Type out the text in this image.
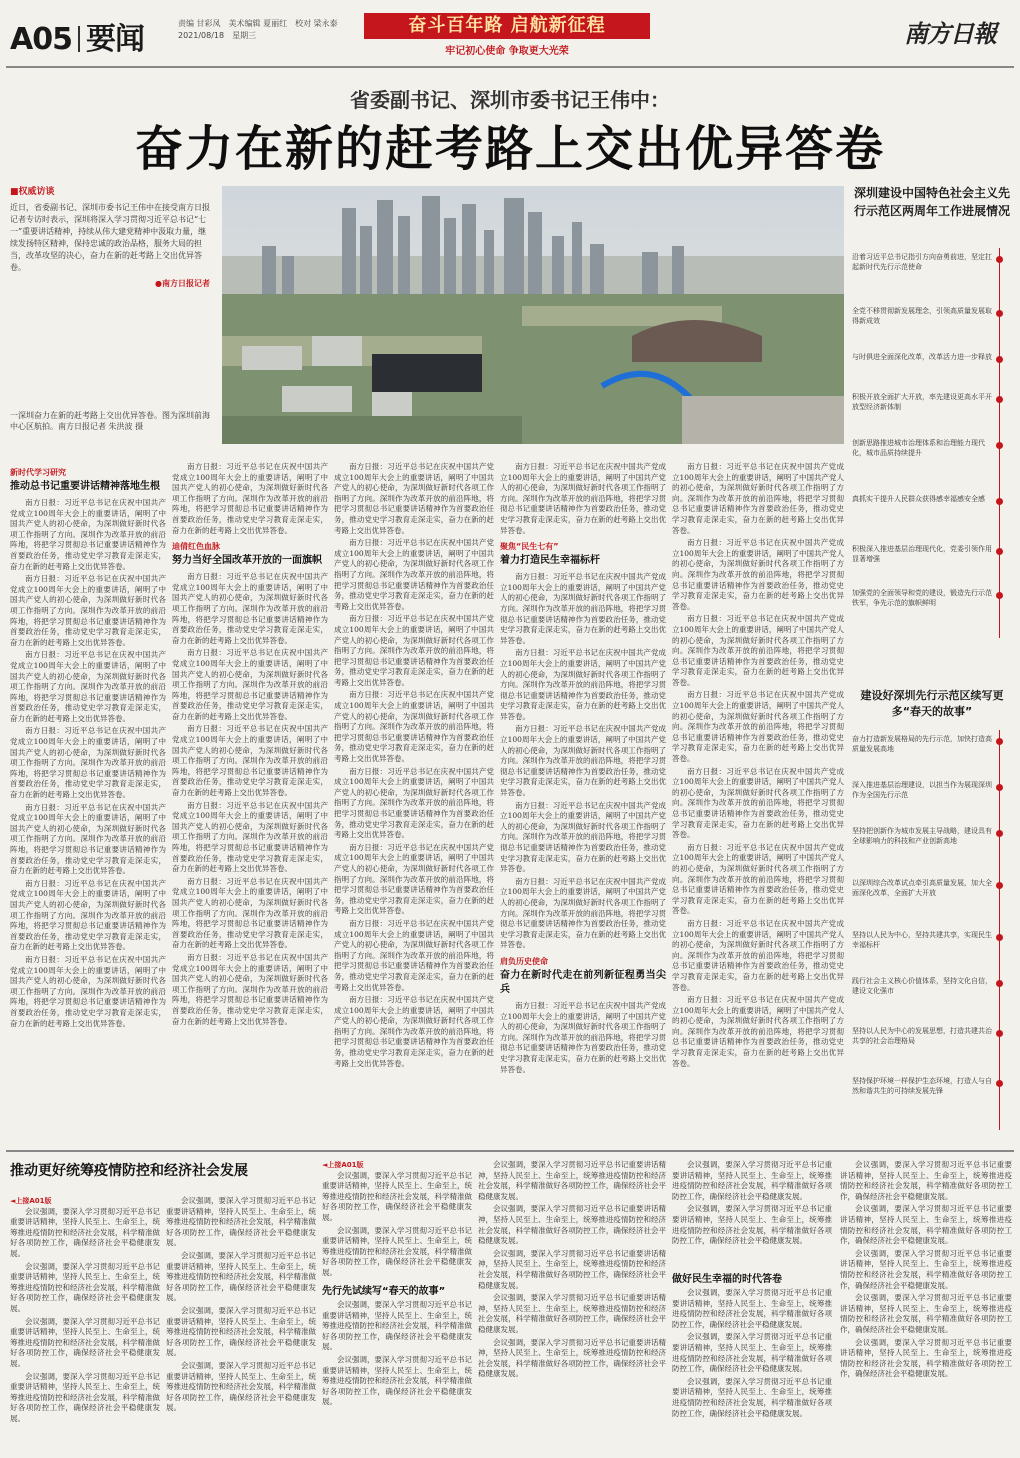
A05 要闻	责编 甘彩凤　美术编辑 夏丽红　校对 梁永泰
2021/08/18　星期三	奋斗百年路 启航新征程
牢记初心使命 争取更大光荣
南方日報
省委副书记、深圳市委书记王伟中：
奋力在新的赶考路上交出优异答卷
■权威访谈
近日，省委副书记、深圳市委书记王伟中在接受南方日报记者专访时表示，深圳将深入学习贯彻习近平总书记“七一”重要讲话精神，持续从伟大建党精神中汲取力量，继续发扬特区精神，保持忠诚的政治品格，服务大局的担当，改革攻坚的决心，奋力在新的赶考路上交出优异答卷。
●南方日报记者
一深圳奋力在新的赶考路上交出优异答卷。图为深圳前海中心区航拍。南方日报记者 朱洪波 摄
深圳建设中国特色社会主义先行示范区两周年工作进展情况
沿着习近平总书记指引方向奋勇前进，坚定扛起新时代先行示范使命
全党不移贯彻新发展理念，引领高质量发展取得新成效
与时俱进全面深化改革，改革活力进一步释放
积极开放全面扩大开放，率先建设更高水平开放型经济新体制
创新思路推进城市治理体系和治理能力现代化，城市品质持续提升
真抓实干提升人民群众获得感幸福感安全感
积极深入推进基层治理现代化，党委引领作用显著增强
加强党的全面领导和党的建设，锻造先行示范铁军，争先示范的旗帜鲜明
建设好深圳先行示范区续写更多“春天的故事”
奋力打造新发展格局的先行示范，加快打造高质量发展高地
深入推进基层治理建设，以担当作为展现深圳作为全国先行示范
坚持把创新作为城市发展主导战略，建设具有全球影响力的科技和产业创新高地
以深圳综合改革试点牵引高质量发展，加大全面深化改革，全面扩大开放
坚持以人民为中心，坚持共建共享，实现民生幸福标杆
践行社会主义核心价值体系，坚持文化自信，建设文化强市
坚持以人民为中心的发展思想，打造共建共治共享的社会治理格局
坚持保护环境一样保护生态环境，打造人与自然和谐共生的可持续发展先锋
新时代学习研究
推动总书记重要讲话精神落地生根

南方日报：习近平总书记在庆祝中国共产党成立100周年大会上的重要讲话，阐明了中国共产党人的初心使命，为深圳做好新时代各项工作指明了方向。深圳作为改革开放的前沿阵地，将把学习贯彻总书记重要讲话精神作为首要政治任务，推动党史学习教育走深走实，奋力在新的赶考路上交出优异答卷。

南方日报：习近平总书记在庆祝中国共产党成立100周年大会上的重要讲话，阐明了中国共产党人的初心使命，为深圳做好新时代各项工作指明了方向。深圳作为改革开放的前沿阵地，将把学习贯彻总书记重要讲话精神作为首要政治任务，推动党史学习教育走深走实，奋力在新的赶考路上交出优异答卷。

南方日报：习近平总书记在庆祝中国共产党成立100周年大会上的重要讲话，阐明了中国共产党人的初心使命，为深圳做好新时代各项工作指明了方向。深圳作为改革开放的前沿阵地，将把学习贯彻总书记重要讲话精神作为首要政治任务，推动党史学习教育走深走实，奋力在新的赶考路上交出优异答卷。

南方日报：习近平总书记在庆祝中国共产党成立100周年大会上的重要讲话，阐明了中国共产党人的初心使命，为深圳做好新时代各项工作指明了方向。深圳作为改革开放的前沿阵地，将把学习贯彻总书记重要讲话精神作为首要政治任务，推动党史学习教育走深走实，奋力在新的赶考路上交出优异答卷。

南方日报：习近平总书记在庆祝中国共产党成立100周年大会上的重要讲话，阐明了中国共产党人的初心使命，为深圳做好新时代各项工作指明了方向。深圳作为改革开放的前沿阵地，将把学习贯彻总书记重要讲话精神作为首要政治任务，推动党史学习教育走深走实，奋力在新的赶考路上交出优异答卷。

南方日报：习近平总书记在庆祝中国共产党成立100周年大会上的重要讲话，阐明了中国共产党人的初心使命，为深圳做好新时代各项工作指明了方向。深圳作为改革开放的前沿阵地，将把学习贯彻总书记重要讲话精神作为首要政治任务，推动党史学习教育走深走实，奋力在新的赶考路上交出优异答卷。

南方日报：习近平总书记在庆祝中国共产党成立100周年大会上的重要讲话，阐明了中国共产党人的初心使命，为深圳做好新时代各项工作指明了方向。深圳作为改革开放的前沿阵地，将把学习贯彻总书记重要讲话精神作为首要政治任务，推动党史学习教育走深走实，奋力在新的赶考路上交出优异答卷。

南方日报：习近平总书记在庆祝中国共产党成立100周年大会上的重要讲话，阐明了中国共产党人的初心使命，为深圳做好新时代各项工作指明了方向。深圳作为改革开放的前沿阵地，将把学习贯彻总书记重要讲话精神作为首要政治任务，推动党史学习教育走深走实，奋力在新的赶考路上交出优异答卷。

迪倩红色血脉
努力当好全国改革开放的一面旗帜

南方日报：习近平总书记在庆祝中国共产党成立100周年大会上的重要讲话，阐明了中国共产党人的初心使命，为深圳做好新时代各项工作指明了方向。深圳作为改革开放的前沿阵地，将把学习贯彻总书记重要讲话精神作为首要政治任务，推动党史学习教育走深走实，奋力在新的赶考路上交出优异答卷。

南方日报：习近平总书记在庆祝中国共产党成立100周年大会上的重要讲话，阐明了中国共产党人的初心使命，为深圳做好新时代各项工作指明了方向。深圳作为改革开放的前沿阵地，将把学习贯彻总书记重要讲话精神作为首要政治任务，推动党史学习教育走深走实，奋力在新的赶考路上交出优异答卷。

南方日报：习近平总书记在庆祝中国共产党成立100周年大会上的重要讲话，阐明了中国共产党人的初心使命，为深圳做好新时代各项工作指明了方向。深圳作为改革开放的前沿阵地，将把学习贯彻总书记重要讲话精神作为首要政治任务，推动党史学习教育走深走实，奋力在新的赶考路上交出优异答卷。

南方日报：习近平总书记在庆祝中国共产党成立100周年大会上的重要讲话，阐明了中国共产党人的初心使命，为深圳做好新时代各项工作指明了方向。深圳作为改革开放的前沿阵地，将把学习贯彻总书记重要讲话精神作为首要政治任务，推动党史学习教育走深走实，奋力在新的赶考路上交出优异答卷。

南方日报：习近平总书记在庆祝中国共产党成立100周年大会上的重要讲话，阐明了中国共产党人的初心使命，为深圳做好新时代各项工作指明了方向。深圳作为改革开放的前沿阵地，将把学习贯彻总书记重要讲话精神作为首要政治任务，推动党史学习教育走深走实，奋力在新的赶考路上交出优异答卷。

南方日报：习近平总书记在庆祝中国共产党成立100周年大会上的重要讲话，阐明了中国共产党人的初心使命，为深圳做好新时代各项工作指明了方向。深圳作为改革开放的前沿阵地，将把学习贯彻总书记重要讲话精神作为首要政治任务，推动党史学习教育走深走实，奋力在新的赶考路上交出优异答卷。

南方日报：习近平总书记在庆祝中国共产党成立100周年大会上的重要讲话，阐明了中国共产党人的初心使命，为深圳做好新时代各项工作指明了方向。深圳作为改革开放的前沿阵地，将把学习贯彻总书记重要讲话精神作为首要政治任务，推动党史学习教育走深走实，奋力在新的赶考路上交出优异答卷。

南方日报：习近平总书记在庆祝中国共产党成立100周年大会上的重要讲话，阐明了中国共产党人的初心使命，为深圳做好新时代各项工作指明了方向。深圳作为改革开放的前沿阵地，将把学习贯彻总书记重要讲话精神作为首要政治任务，推动党史学习教育走深走实，奋力在新的赶考路上交出优异答卷。

南方日报：习近平总书记在庆祝中国共产党成立100周年大会上的重要讲话，阐明了中国共产党人的初心使命，为深圳做好新时代各项工作指明了方向。深圳作为改革开放的前沿阵地，将把学习贯彻总书记重要讲话精神作为首要政治任务，推动党史学习教育走深走实，奋力在新的赶考路上交出优异答卷。

南方日报：习近平总书记在庆祝中国共产党成立100周年大会上的重要讲话，阐明了中国共产党人的初心使命，为深圳做好新时代各项工作指明了方向。深圳作为改革开放的前沿阵地，将把学习贯彻总书记重要讲话精神作为首要政治任务，推动党史学习教育走深走实，奋力在新的赶考路上交出优异答卷。

南方日报：习近平总书记在庆祝中国共产党成立100周年大会上的重要讲话，阐明了中国共产党人的初心使命，为深圳做好新时代各项工作指明了方向。深圳作为改革开放的前沿阵地，将把学习贯彻总书记重要讲话精神作为首要政治任务，推动党史学习教育走深走实，奋力在新的赶考路上交出优异答卷。

南方日报：习近平总书记在庆祝中国共产党成立100周年大会上的重要讲话，阐明了中国共产党人的初心使命，为深圳做好新时代各项工作指明了方向。深圳作为改革开放的前沿阵地，将把学习贯彻总书记重要讲话精神作为首要政治任务，推动党史学习教育走深走实，奋力在新的赶考路上交出优异答卷。

南方日报：习近平总书记在庆祝中国共产党成立100周年大会上的重要讲话，阐明了中国共产党人的初心使命，为深圳做好新时代各项工作指明了方向。深圳作为改革开放的前沿阵地，将把学习贯彻总书记重要讲话精神作为首要政治任务，推动党史学习教育走深走实，奋力在新的赶考路上交出优异答卷。

南方日报：习近平总书记在庆祝中国共产党成立100周年大会上的重要讲话，阐明了中国共产党人的初心使命，为深圳做好新时代各项工作指明了方向。深圳作为改革开放的前沿阵地，将把学习贯彻总书记重要讲话精神作为首要政治任务，推动党史学习教育走深走实，奋力在新的赶考路上交出优异答卷。

南方日报：习近平总书记在庆祝中国共产党成立100周年大会上的重要讲话，阐明了中国共产党人的初心使命，为深圳做好新时代各项工作指明了方向。深圳作为改革开放的前沿阵地，将把学习贯彻总书记重要讲话精神作为首要政治任务，推动党史学习教育走深走实，奋力在新的赶考路上交出优异答卷。

聚焦“民生七有”
着力打造民生幸福标杆

南方日报：习近平总书记在庆祝中国共产党成立100周年大会上的重要讲话，阐明了中国共产党人的初心使命，为深圳做好新时代各项工作指明了方向。深圳作为改革开放的前沿阵地，将把学习贯彻总书记重要讲话精神作为首要政治任务，推动党史学习教育走深走实，奋力在新的赶考路上交出优异答卷。

南方日报：习近平总书记在庆祝中国共产党成立100周年大会上的重要讲话，阐明了中国共产党人的初心使命，为深圳做好新时代各项工作指明了方向。深圳作为改革开放的前沿阵地，将把学习贯彻总书记重要讲话精神作为首要政治任务，推动党史学习教育走深走实，奋力在新的赶考路上交出优异答卷。

南方日报：习近平总书记在庆祝中国共产党成立100周年大会上的重要讲话，阐明了中国共产党人的初心使命，为深圳做好新时代各项工作指明了方向。深圳作为改革开放的前沿阵地，将把学习贯彻总书记重要讲话精神作为首要政治任务，推动党史学习教育走深走实，奋力在新的赶考路上交出优异答卷。

南方日报：习近平总书记在庆祝中国共产党成立100周年大会上的重要讲话，阐明了中国共产党人的初心使命，为深圳做好新时代各项工作指明了方向。深圳作为改革开放的前沿阵地，将把学习贯彻总书记重要讲话精神作为首要政治任务，推动党史学习教育走深走实，奋力在新的赶考路上交出优异答卷。

南方日报：习近平总书记在庆祝中国共产党成立100周年大会上的重要讲话，阐明了中国共产党人的初心使命，为深圳做好新时代各项工作指明了方向。深圳作为改革开放的前沿阵地，将把学习贯彻总书记重要讲话精神作为首要政治任务，推动党史学习教育走深走实，奋力在新的赶考路上交出优异答卷。

肩负历史使命
奋力在新时代走在前列新征程勇当尖兵

南方日报：习近平总书记在庆祝中国共产党成立100周年大会上的重要讲话，阐明了中国共产党人的初心使命，为深圳做好新时代各项工作指明了方向。深圳作为改革开放的前沿阵地，将把学习贯彻总书记重要讲话精神作为首要政治任务，推动党史学习教育走深走实，奋力在新的赶考路上交出优异答卷。

南方日报：习近平总书记在庆祝中国共产党成立100周年大会上的重要讲话，阐明了中国共产党人的初心使命，为深圳做好新时代各项工作指明了方向。深圳作为改革开放的前沿阵地，将把学习贯彻总书记重要讲话精神作为首要政治任务，推动党史学习教育走深走实，奋力在新的赶考路上交出优异答卷。

南方日报：习近平总书记在庆祝中国共产党成立100周年大会上的重要讲话，阐明了中国共产党人的初心使命，为深圳做好新时代各项工作指明了方向。深圳作为改革开放的前沿阵地，将把学习贯彻总书记重要讲话精神作为首要政治任务，推动党史学习教育走深走实，奋力在新的赶考路上交出优异答卷。

南方日报：习近平总书记在庆祝中国共产党成立100周年大会上的重要讲话，阐明了中国共产党人的初心使命，为深圳做好新时代各项工作指明了方向。深圳作为改革开放的前沿阵地，将把学习贯彻总书记重要讲话精神作为首要政治任务，推动党史学习教育走深走实，奋力在新的赶考路上交出优异答卷。

南方日报：习近平总书记在庆祝中国共产党成立100周年大会上的重要讲话，阐明了中国共产党人的初心使命，为深圳做好新时代各项工作指明了方向。深圳作为改革开放的前沿阵地，将把学习贯彻总书记重要讲话精神作为首要政治任务，推动党史学习教育走深走实，奋力在新的赶考路上交出优异答卷。

南方日报：习近平总书记在庆祝中国共产党成立100周年大会上的重要讲话，阐明了中国共产党人的初心使命，为深圳做好新时代各项工作指明了方向。深圳作为改革开放的前沿阵地，将把学习贯彻总书记重要讲话精神作为首要政治任务，推动党史学习教育走深走实，奋力在新的赶考路上交出优异答卷。

南方日报：习近平总书记在庆祝中国共产党成立100周年大会上的重要讲话，阐明了中国共产党人的初心使命，为深圳做好新时代各项工作指明了方向。深圳作为改革开放的前沿阵地，将把学习贯彻总书记重要讲话精神作为首要政治任务，推动党史学习教育走深走实，奋力在新的赶考路上交出优异答卷。

南方日报：习近平总书记在庆祝中国共产党成立100周年大会上的重要讲话，阐明了中国共产党人的初心使命，为深圳做好新时代各项工作指明了方向。深圳作为改革开放的前沿阵地，将把学习贯彻总书记重要讲话精神作为首要政治任务，推动党史学习教育走深走实，奋力在新的赶考路上交出优异答卷。

南方日报：习近平总书记在庆祝中国共产党成立100周年大会上的重要讲话，阐明了中国共产党人的初心使命，为深圳做好新时代各项工作指明了方向。深圳作为改革开放的前沿阵地，将把学习贯彻总书记重要讲话精神作为首要政治任务，推动党史学习教育走深走实，奋力在新的赶考路上交出优异答卷。

推动更好统筹疫情防控和经济社会发展
◄上接A01版

会议强调，要深入学习贯彻习近平总书记重要讲话精神，坚持人民至上、生命至上，统筹推进疫情防控和经济社会发展，科学精准做好各项防控工作，确保经济社会平稳健康发展。

会议强调，要深入学习贯彻习近平总书记重要讲话精神，坚持人民至上、生命至上，统筹推进疫情防控和经济社会发展，科学精准做好各项防控工作，确保经济社会平稳健康发展。

会议强调，要深入学习贯彻习近平总书记重要讲话精神，坚持人民至上、生命至上，统筹推进疫情防控和经济社会发展，科学精准做好各项防控工作，确保经济社会平稳健康发展。

会议强调，要深入学习贯彻习近平总书记重要讲话精神，坚持人民至上、生命至上，统筹推进疫情防控和经济社会发展，科学精准做好各项防控工作，确保经济社会平稳健康发展。

会议强调，要深入学习贯彻习近平总书记重要讲话精神，坚持人民至上、生命至上，统筹推进疫情防控和经济社会发展，科学精准做好各项防控工作，确保经济社会平稳健康发展。

会议强调，要深入学习贯彻习近平总书记重要讲话精神，坚持人民至上、生命至上，统筹推进疫情防控和经济社会发展，科学精准做好各项防控工作，确保经济社会平稳健康发展。

会议强调，要深入学习贯彻习近平总书记重要讲话精神，坚持人民至上、生命至上，统筹推进疫情防控和经济社会发展，科学精准做好各项防控工作，确保经济社会平稳健康发展。

会议强调，要深入学习贯彻习近平总书记重要讲话精神，坚持人民至上、生命至上，统筹推进疫情防控和经济社会发展，科学精准做好各项防控工作，确保经济社会平稳健康发展。

◄上接A01版

会议强调，要深入学习贯彻习近平总书记重要讲话精神，坚持人民至上、生命至上，统筹推进疫情防控和经济社会发展，科学精准做好各项防控工作，确保经济社会平稳健康发展。

会议强调，要深入学习贯彻习近平总书记重要讲话精神，坚持人民至上、生命至上，统筹推进疫情防控和经济社会发展，科学精准做好各项防控工作，确保经济社会平稳健康发展。

先行先试续写“春天的故事”

会议强调，要深入学习贯彻习近平总书记重要讲话精神，坚持人民至上、生命至上，统筹推进疫情防控和经济社会发展，科学精准做好各项防控工作，确保经济社会平稳健康发展。

会议强调，要深入学习贯彻习近平总书记重要讲话精神，坚持人民至上、生命至上，统筹推进疫情防控和经济社会发展，科学精准做好各项防控工作，确保经济社会平稳健康发展。

会议强调，要深入学习贯彻习近平总书记重要讲话精神，坚持人民至上、生命至上，统筹推进疫情防控和经济社会发展，科学精准做好各项防控工作，确保经济社会平稳健康发展。

会议强调，要深入学习贯彻习近平总书记重要讲话精神，坚持人民至上、生命至上，统筹推进疫情防控和经济社会发展，科学精准做好各项防控工作，确保经济社会平稳健康发展。

会议强调，要深入学习贯彻习近平总书记重要讲话精神，坚持人民至上、生命至上，统筹推进疫情防控和经济社会发展，科学精准做好各项防控工作，确保经济社会平稳健康发展。

会议强调，要深入学习贯彻习近平总书记重要讲话精神，坚持人民至上、生命至上，统筹推进疫情防控和经济社会发展，科学精准做好各项防控工作，确保经济社会平稳健康发展。

会议强调，要深入学习贯彻习近平总书记重要讲话精神，坚持人民至上、生命至上，统筹推进疫情防控和经济社会发展，科学精准做好各项防控工作，确保经济社会平稳健康发展。

会议强调，要深入学习贯彻习近平总书记重要讲话精神，坚持人民至上、生命至上，统筹推进疫情防控和经济社会发展，科学精准做好各项防控工作，确保经济社会平稳健康发展。

会议强调，要深入学习贯彻习近平总书记重要讲话精神，坚持人民至上、生命至上，统筹推进疫情防控和经济社会发展，科学精准做好各项防控工作，确保经济社会平稳健康发展。

做好民生幸福的时代答卷

会议强调，要深入学习贯彻习近平总书记重要讲话精神，坚持人民至上、生命至上，统筹推进疫情防控和经济社会发展，科学精准做好各项防控工作，确保经济社会平稳健康发展。

会议强调，要深入学习贯彻习近平总书记重要讲话精神，坚持人民至上、生命至上，统筹推进疫情防控和经济社会发展，科学精准做好各项防控工作，确保经济社会平稳健康发展。

会议强调，要深入学习贯彻习近平总书记重要讲话精神，坚持人民至上、生命至上，统筹推进疫情防控和经济社会发展，科学精准做好各项防控工作，确保经济社会平稳健康发展。

会议强调，要深入学习贯彻习近平总书记重要讲话精神，坚持人民至上、生命至上，统筹推进疫情防控和经济社会发展，科学精准做好各项防控工作，确保经济社会平稳健康发展。

会议强调，要深入学习贯彻习近平总书记重要讲话精神，坚持人民至上、生命至上，统筹推进疫情防控和经济社会发展，科学精准做好各项防控工作，确保经济社会平稳健康发展。

会议强调，要深入学习贯彻习近平总书记重要讲话精神，坚持人民至上、生命至上，统筹推进疫情防控和经济社会发展，科学精准做好各项防控工作，确保经济社会平稳健康发展。

会议强调，要深入学习贯彻习近平总书记重要讲话精神，坚持人民至上、生命至上，统筹推进疫情防控和经济社会发展，科学精准做好各项防控工作，确保经济社会平稳健康发展。

会议强调，要深入学习贯彻习近平总书记重要讲话精神，坚持人民至上、生命至上，统筹推进疫情防控和经济社会发展，科学精准做好各项防控工作，确保经济社会平稳健康发展。
